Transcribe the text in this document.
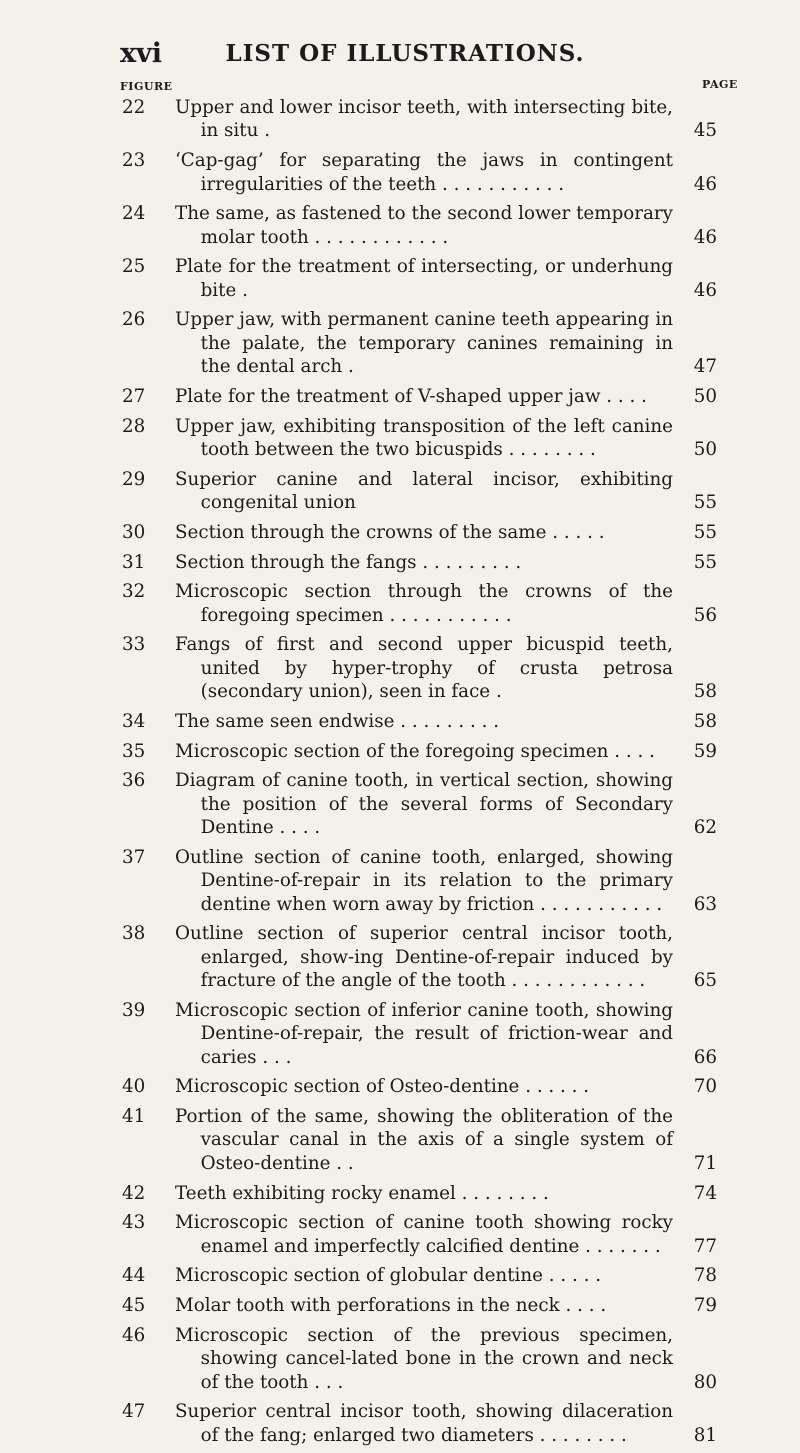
xvi	LIST OF ILLUSTRATIONS.
FIGURE	PAGE
22	Upper and lower incisor teeth, with intersecting bite, in situ .	45
23	‘Cap-gag’ for separating the jaws in contingent irregularities of the teeth . . . . . . . . . . .	46
24	The same, as fastened to the second lower temporary molar tooth . . . . . . . . . . . .	46
25	Plate for the treatment of intersecting, or underhung bite .	46
26	Upper jaw, with permanent canine teeth appearing in the palate, the temporary canines remaining in the dental arch .	47
27	Plate for the treatment of V-shaped upper jaw . . . .	50
28	Upper jaw, exhibiting transposition of the left canine tooth between the two bicuspids . . . . . . . .	50
29	Superior canine and lateral incisor, exhibiting congenital union	55
30	Section through the crowns of the same . . . . .	55
31	Section through the fangs . . . . . . . . .	55
32	Microscopic section through the crowns of the foregoing specimen . . . . . . . . . . .	56
33	Fangs of first and second upper bicuspid teeth, united by hyper-trophy of crusta petrosa (secondary union), seen in face .	58
34	The same seen endwise . . . . . . . . .	58
35	Microscopic section of the foregoing specimen . . . .	59
36	Diagram of canine tooth, in vertical section, showing the position of the several forms of Secondary Dentine . . . .	62
37	Outline section of canine tooth, enlarged, showing Dentine-of-repair in its relation to the primary dentine when worn away by friction . . . . . . . . . . .	63
38	Outline section of superior central incisor tooth, enlarged, show-ing Dentine-of-repair induced by fracture of the angle of the tooth . . . . . . . . . . . .	65
39	Microscopic section of inferior canine tooth, showing Dentine-of-repair, the result of friction-wear and caries . . .	66
40	Microscopic section of Osteo-dentine . . . . . .	70
41	Portion of the same, showing the obliteration of the vascular canal in the axis of a single system of Osteo-dentine . .	71
42	Teeth exhibiting rocky enamel . . . . . . . .	74
43	Microscopic section of canine tooth showing rocky enamel and imperfectly calcified dentine . . . . . . .	77
44	Microscopic section of globular dentine . . . . .	78
45	Molar tooth with perforations in the neck . . . .	79
46	Microscopic section of the previous specimen, showing cancel-lated bone in the crown and neck of the tooth . . .	80
47	Superior central incisor tooth, showing dilaceration of the fang; enlarged two diameters . . . . . . . .	81
